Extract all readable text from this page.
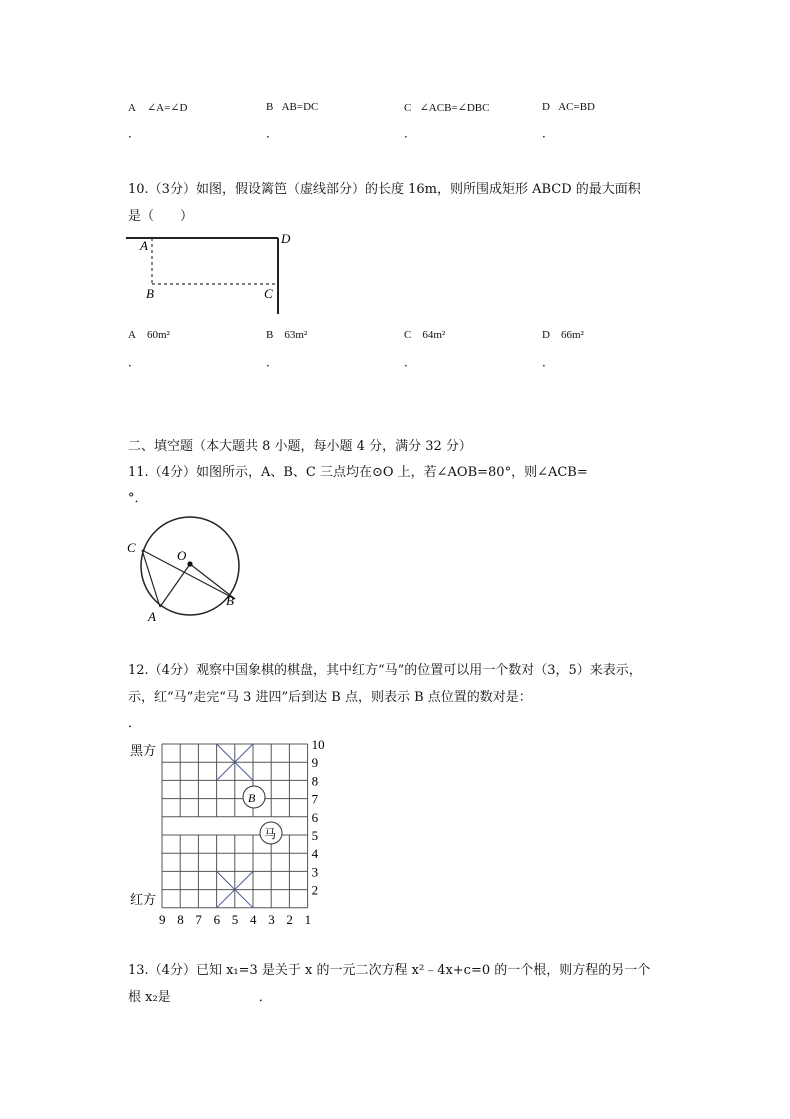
A ∠A=∠D	B AB=DC	C ∠ACB=∠DBC	D AC=BD
．	．	．	．
10.（3分）如图，假设篱笆（虚线部分）的长度 16m，则所围成矩形 ABCD 的最大面积
是（　　）
A
B	C
D
A 60m²	B 63m²	C 64m²	D 66m²
．	．	．	．
二、填空题（本大题共 8 小题，每小题 4 分，满分 32 分）
11.（4分）如图所示，A、B、C 三点均在⊙O 上，若∠AOB=80°，则∠ACB=
°．
C
O
A
B
12.（4分）观察中国象棋的棋盘，其中红方“马”的位置可以用一个数对（3，5）来表示，
示，红“马”走完“马 3 进四”后到达 B 点，则表示 B 点位置的数对是：
．
10
9
8
7
6
5
4
3
2
9 8 7 6 5 4 3 2 1
黑方
红方
B
马
13.（4分）已知 x₁=3 是关于 x 的一元二次方程 x²﹣4x+c=0 的一个根，则方程的另一个
根 x₂是	．
